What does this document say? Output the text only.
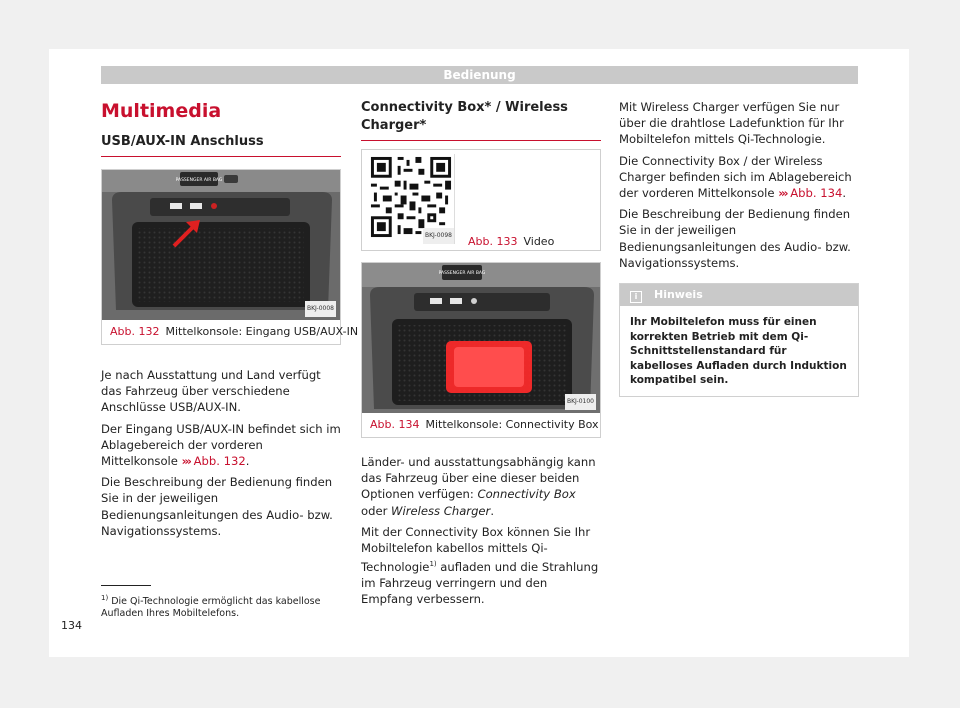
Bedienung
Multimedia
USB/AUX-IN Anschluss
PASSENGER AIR BAG
BKJ-0008
Abb. 132 Mittelkonsole: Eingang USB/AUX-IN

Je nach Ausstattung und Land verfügt das Fahrzeug über verschiedene Anschlüsse USB/AUX-IN.

Der Eingang USB/AUX-IN befindet sich im Ablagebereich der vorderen Mittelkonsole ››› Abb. 132.

Die Beschreibung der Bedienung finden Sie in der jeweiligen Bedienungsanleitungen des Audio- bzw. Navigationssystems.

Connectivity Box* / Wireless Charger*
BKJ-0098	Abb. 133 Video
PASSENGER AIR BAG
BKJ-0100
Abb. 134 Mittelkonsole: Connectivity Box

Länder- und ausstattungsabhängig kann das Fahrzeug über eine dieser beiden Optionen verfügen: Connectivity Box oder Wireless Charger.

Mit der Connectivity Box können Sie Ihr Mobiltelefon kabellos mittels Qi-Technologie$^{1)}$ aufladen und die Strahlung im Fahrzeug verringern und den Empfang verbessern.

Mit Wireless Charger verfügen Sie nur über die drahtlose Ladefunktion für Ihr Mobiltelefon mittels Qi-Technologie.

Die Connectivity Box / der Wireless Charger befinden sich im Ablagebereich der vorderen Mittelkonsole ››› Abb. 134.

Die Beschreibung der Bedienung finden Sie in der jeweiligen Bedienungsanleitungen des Audio- bzw. Navigationssystems.

i Hinweis
Ihr Mobiltelefon muss für einen korrekten Betrieb mit dem Qi-Schnittstellenstandard für kabelloses Aufladen durch Induktion kompatibel sein.
$^{1)}$ Die Qi-Technologie ermöglicht das kabellose Aufladen Ihres Mobiltelefons.
134
